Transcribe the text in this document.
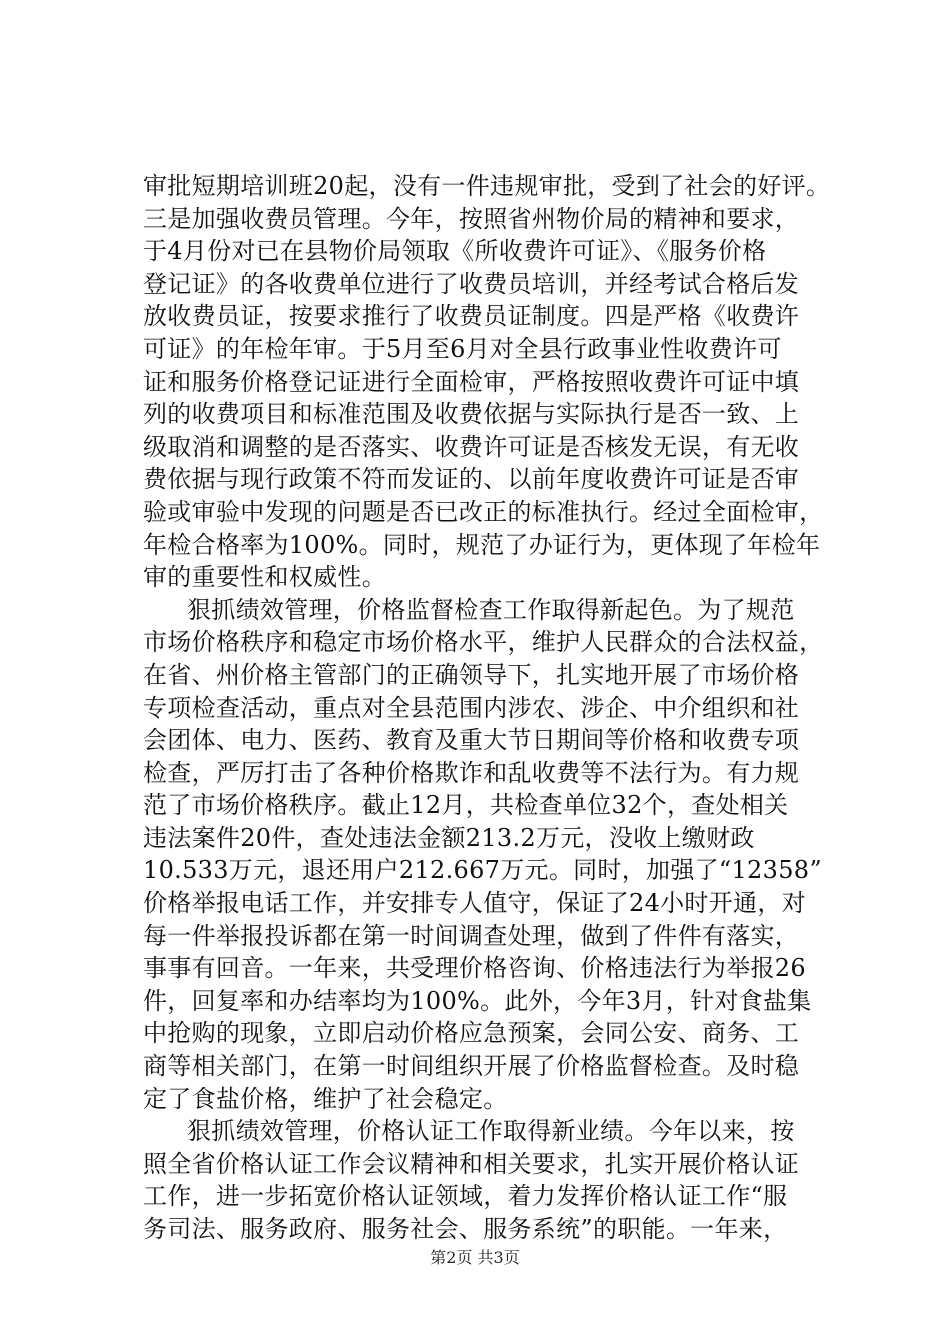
审批短期培训班20起，没有一件违规审批，受到了社会的好评。
三是加强收费员管理。今年，按照省州物价局的精神和要求，
于4月份对已在县物价局领取《所收费许可证》、《服务价格
登记证》的各收费单位进行了收费员培训，并经考试合格后发
放收费员证，按要求推行了收费员证制度。四是严格《收费许
可证》的年检年审。于5月至6月对全县行政事业性收费许可
证和服务价格登记证进行全面检审，严格按照收费许可证中填
列的收费项目和标准范围及收费依据与实际执行是否一致、上
级取消和调整的是否落实、收费许可证是否核发无误，有无收
费依据与现行政策不符而发证的、以前年度收费许可证是否审
验或审验中发现的问题是否已改正的标准执行。经过全面检审，
年检合格率为100%。同时，规范了办证行为，更体现了年检年
审的重要性和权威性。
狠抓绩效管理，价格监督检查工作取得新起色。为了规范
市场价格秩序和稳定市场价格水平，维护人民群众的合法权益，
在省、州价格主管部门的正确领导下，扎实地开展了市场价格
专项检查活动，重点对全县范围内涉农、涉企、中介组织和社
会团体、电力、医药、教育及重大节日期间等价格和收费专项
检查，严厉打击了各种价格欺诈和乱收费等不法行为。有力规
范了市场价格秩序。截止12月，共检查单位32个，查处相关
违法案件20件，查处违法金额213.2万元，没收上缴财政
10.533万元，退还用户212.667万元。同时，加强了“12358”
价格举报电话工作，并安排专人值守，保证了24小时开通，对
每一件举报投诉都在第一时间调查处理，做到了件件有落实，
事事有回音。一年来，共受理价格咨询、价格违法行为举报26
件，回复率和办结率均为100%。此外，今年3月，针对食盐集
中抢购的现象，立即启动价格应急预案，会同公安、商务、工
商等相关部门，在第一时间组织开展了价格监督检查。及时稳
定了食盐价格，维护了社会稳定。
狠抓绩效管理，价格认证工作取得新业绩。今年以来，按
照全省价格认证工作会议精神和相关要求，扎实开展价格认证
工作，进一步拓宽价格认证领域，着力发挥价格认证工作“服
务司法、服务政府、服务社会、服务系统”的职能。一年来，
第2页 共3页
